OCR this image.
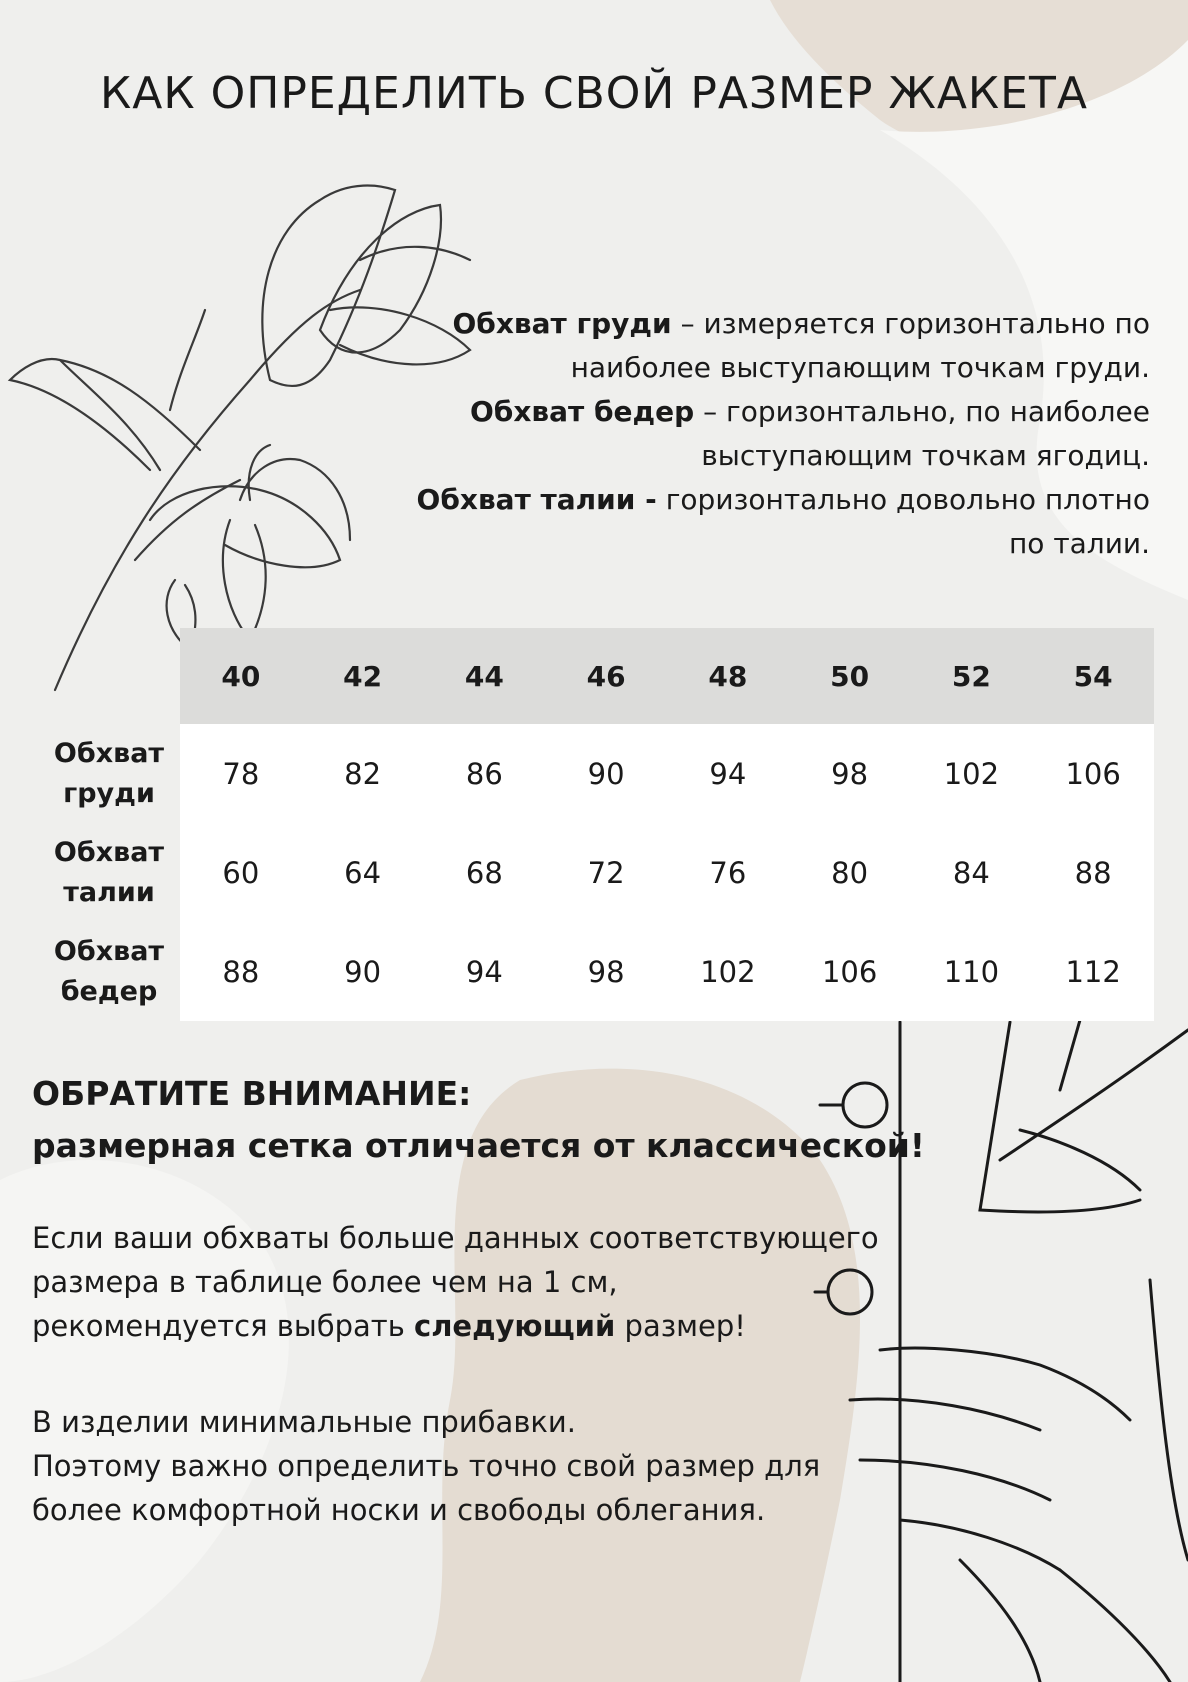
КАК ОПРЕДЕЛИТЬ СВОЙ РАЗМЕР ЖАКЕТА

Обхват груди – измеряется горизонтально по наиболее выступающим точкам груди.

Обхват бедер – горизонтально, по наиболее выступающим точкам ягодиц.

Обхват талии - горизонтально довольно плотно по талии.

	40	42	44	46	48	50	52	54
Обхват
груди	78	82	86	90	94	98	102	106
Обхват
талии	60	64	68	72	76	80	84	88
Обхват
бедер	88	90	94	98	102	106	110	112

ОБРАТИТЕ ВНИМАНИЕ:

размерная сетка отличается от классической!

Если ваши обхваты больше данных соответствующего

размера в таблице более чем на 1 см,

рекомендуется выбрать следующий размер!

В изделии минимальные прибавки.

Поэтому важно определить точно свой размер для

более комфортной носки и свободы облегания.
